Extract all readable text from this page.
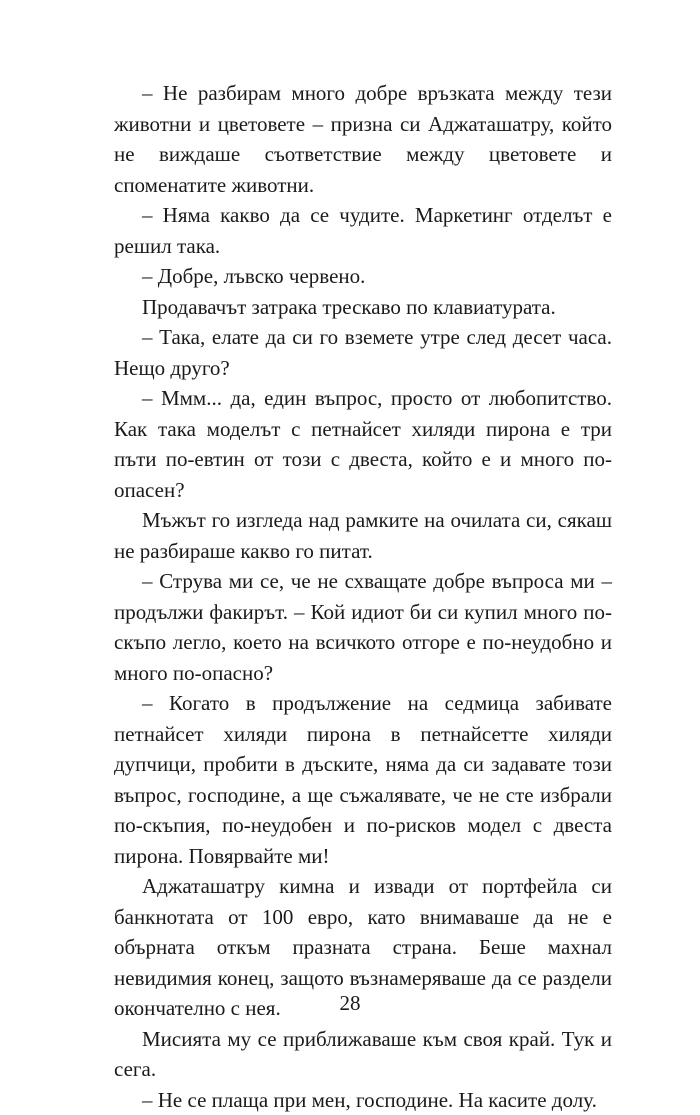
– Не разбирам много добре връзката между тези животни и цветовете – призна си Аджаташатру, който не виждаше съответствие между цветовете и споменатите животни.

– Няма какво да се чудите. Маркетинг отделът е решил така.

– Добре, лъвско червено.

Продавачът затрака трескаво по клавиатурата.

– Така, елате да си го вземете утре след десет часа. Нещо друго?

– Ммм... да, един въпрос, просто от любопитство. Как така моделът с петнайсет хиляди пирона е три пъти по-евтин от този с двеста, който е и много по-опасен?

Мъжът го изгледа над рамките на очилата си, сякаш не разбираше какво го питат.

– Струва ми се, че не схващате добре въпроса ми – продължи факирът. – Кой идиот би си купил много по-скъпо легло, което на всичкото отгоре е по-неудобно и много по-опасно?

– Когато в продължение на седмица забивате петнайсет хиляди пирона в петнайсетте хиляди дупчици, пробити в дъските, няма да си задавате този въпрос, господине, а ще съжалявате, че не сте избрали по-скъпия, по-неудобен и по-рисков модел с двеста пирона. Повярвайте ми!

Аджаташатру кимна и извади от портфейла си банкнотата от 100 евро, като внимаваше да не е обърната откъм празната страна. Беше махнал невидимия конец, защото възнамеряваше да се раздели окончателно с нея.

Мисията му се приближаваше към своя край. Тук и сега.

– Не се плаща при мен, господине. На касите долу.

28
